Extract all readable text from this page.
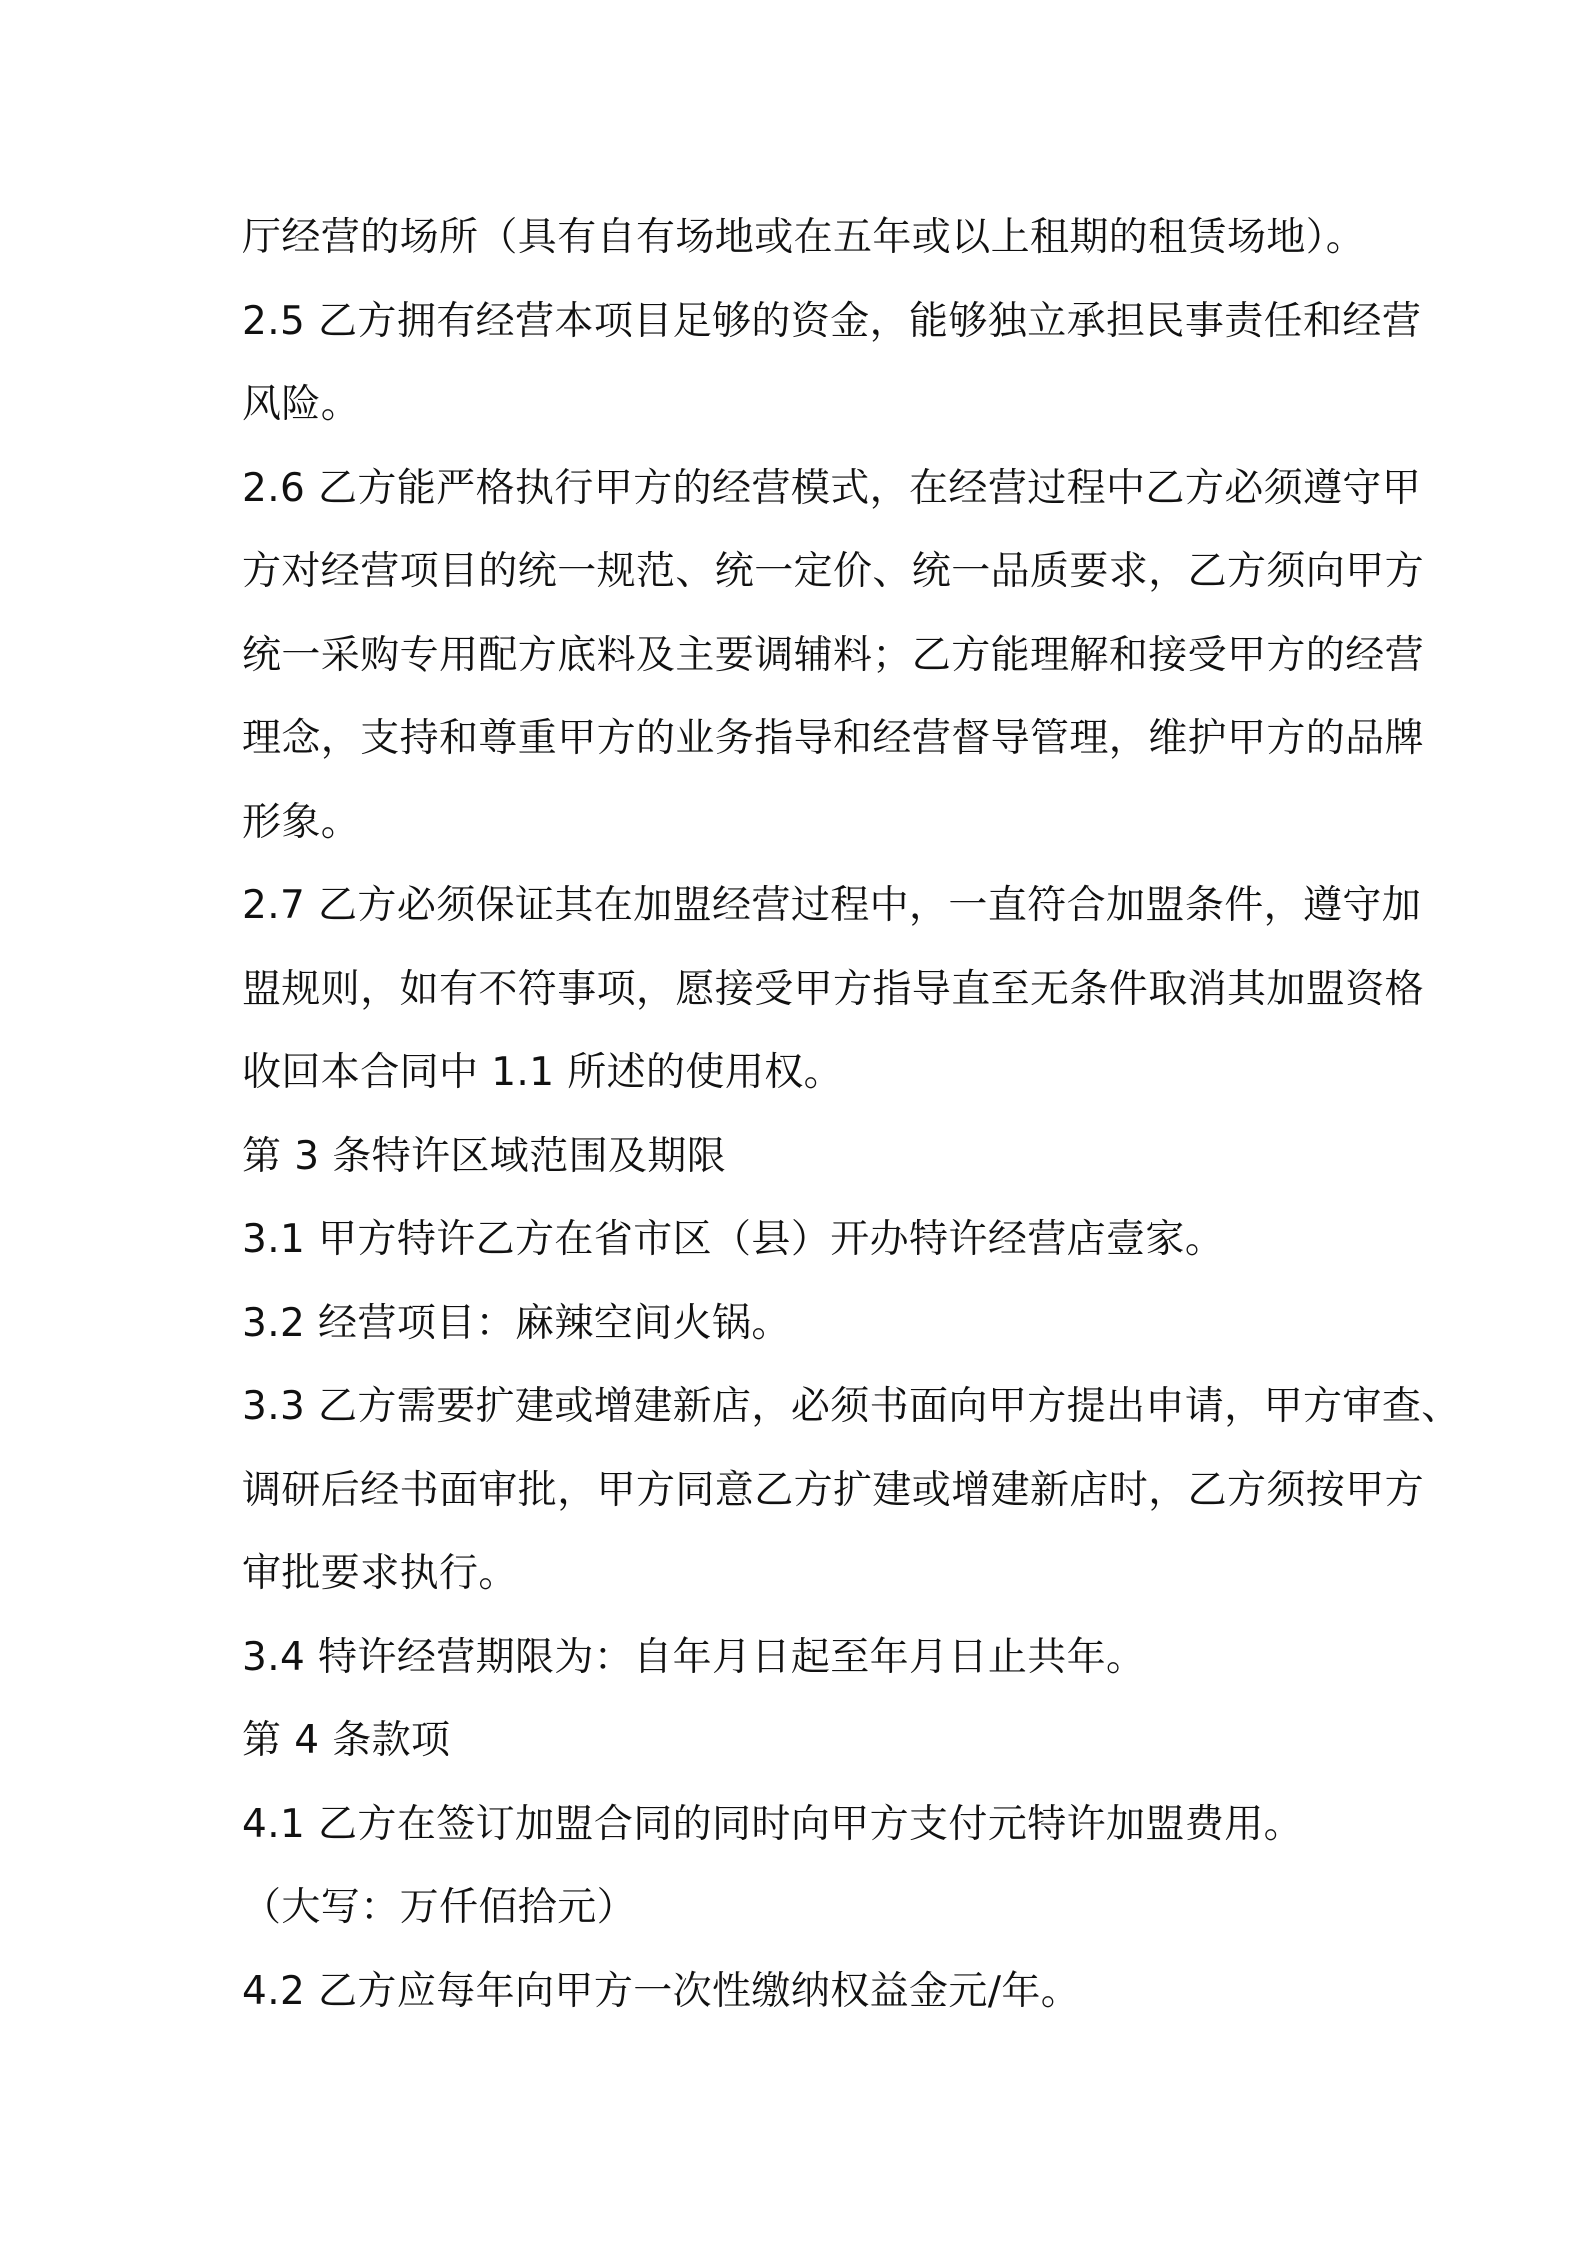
厅经营的场所（具有自有场地或在五年或以上租期的租赁场地）。
2.5 乙方拥有经营本项目足够的资金，能够独立承担民事责任和经营
风险。
2.6 乙方能严格执行甲方的经营模式，在经营过程中乙方必须遵守甲
方对经营项目的统一规范、统一定价、统一品质要求，乙方须向甲方
统一采购专用配方底料及主要调辅料；乙方能理解和接受甲方的经营
理念，支持和尊重甲方的业务指导和经营督导管理，维护甲方的品牌
形象。
2.7 乙方必须保证其在加盟经营过程中，一直符合加盟条件，遵守加
盟规则，如有不符事项，愿接受甲方指导直至无条件取消其加盟资格
收回本合同中 1.1 所述的使用权。
第 3 条特许区域范围及期限
3.1 甲方特许乙方在省市区（县）开办特许经营店壹家。
3.2 经营项目：麻辣空间火锅。
3.3 乙方需要扩建或增建新店，必须书面向甲方提出申请，甲方审查、
调研后经书面审批，甲方同意乙方扩建或增建新店时，乙方须按甲方
审批要求执行。
3.4 特许经营期限为：自年月日起至年月日止共年。
第 4 条款项
4.1 乙方在签订加盟合同的同时向甲方支付元特许加盟费用。
（大写：万仟佰拾元）
4.2 乙方应每年向甲方一次性缴纳权益金元/年。
